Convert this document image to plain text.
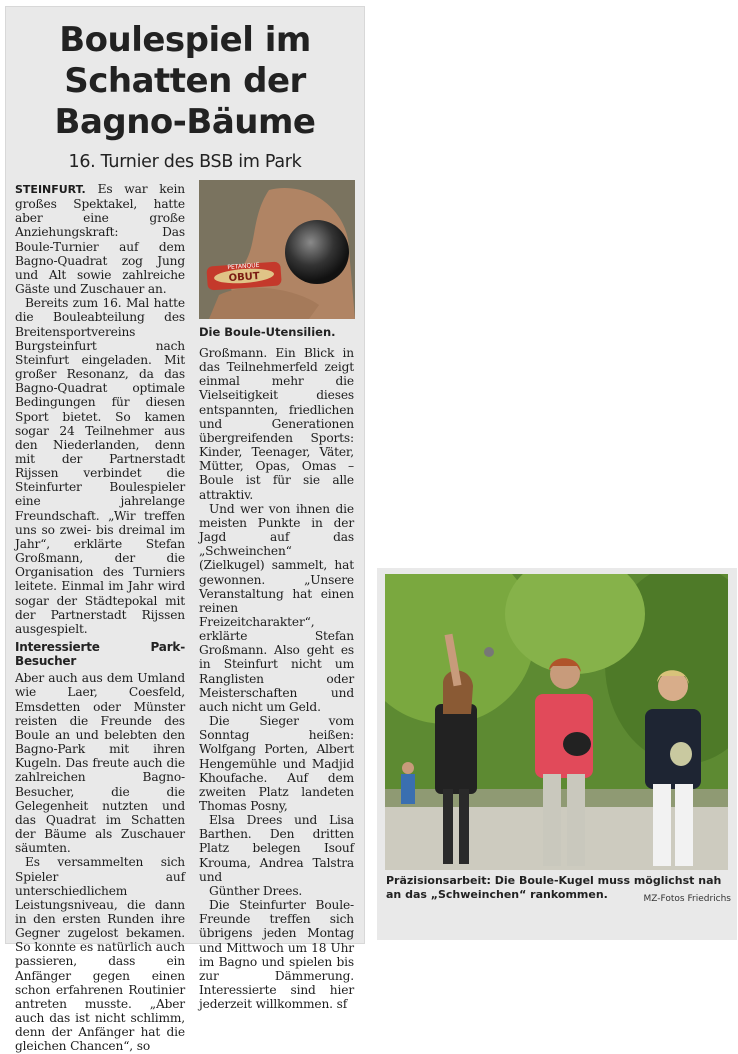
Boulespiel im
Schatten der
Bagno-Bäume
16. Turnier des BSB im Park

STEINFURT. Es war kein großes Spektakel, hatte aber eine große Anziehungskraft: Das Boule-Turnier auf dem Bagno-Quadrat zog Jung und Alt sowie zahlreiche Gäste und Zuschauer an.

Bereits zum 16. Mal hatte die Bouleabteilung des Breitensportvereins Burgsteinfurt nach Steinfurt eingeladen. Mit großer Resonanz, da das Bagno-Quadrat optimale Bedingungen für diesen Sport bietet. So kamen sogar 24 Teilnehmer aus den Niederlanden, denn mit der Partnerstadt Rijssen verbindet die Steinfurter Boulespieler eine jahrelange Freundschaft. „Wir treffen uns so zwei- bis dreimal im Jahr“, erklärte Stefan Großmann, der die Organisation des Turniers leitete. Einmal im Jahr wird sogar der Städtepokal mit der Partnerstadt Rijssen ausgespielt.

Interessierte Park-Besucher

Aber auch aus dem Umland wie Laer, Coesfeld, Emsdetten oder Münster reisten die Freunde des Boule an und belebten den Bagno-Park mit ihren Kugeln. Das freute auch die zahlreichen Bagno-Besucher, die die Gelegenheit nutzten und das Quadrat im Schatten der Bäume als Zuschauer säumten.

Es versammelten sich Spieler auf unterschiedlichem Leistungsniveau, die dann in den ersten Runden ihre Gegner zugelost bekamen. So konnte es natürlich auch passieren, dass ein Anfänger gegen einen schon erfahrenen Routinier antreten musste. „Aber auch das ist nicht schlimm, denn der Anfänger hat die gleichen Chancen“, so

PETANQUE
OBUT
Die Boule-Utensilien.

Großmann. Ein Blick in das Teilnehmerfeld zeigt einmal mehr die Vielseitigkeit dieses entspannten, friedlichen und Generationen übergreifenden Sports: Kinder, Teenager, Väter, Mütter, Opas, Omas – Boule ist für sie alle attraktiv.

Und wer von ihnen die meisten Punkte in der Jagd auf das „Schweinchen“ (Zielkugel) sammelt, hat gewonnen. „Unsere Veranstaltung hat einen reinen Freizeitcharakter“, erklärte Stefan Großmann. Also geht es in Steinfurt nicht um Ranglisten oder Meisterschaften und auch nicht um Geld.

Die Sieger vom Sonntag heißen: Wolfgang Porten, Albert Hengemühle und Madjid Khoufache. Auf dem zweiten Platz landeten Thomas Posny,

Elsa Drees und Lisa Barthen. Den dritten Platz belegen Isouf Krouma, Andrea Talstra und

Günther Drees.

Die Steinfurter Boule-Freunde treffen sich übrigens jeden Montag und Mittwoch um 18 Uhr im Bagno und spielen bis zur Dämmerung. Interessierte sind hier jederzeit willkommen. sf

Präzisionsarbeit: Die Boule-Kugel muss möglichst nah an das „Schweinchen“ rankommen.	MZ-Fotos Friedrichs
